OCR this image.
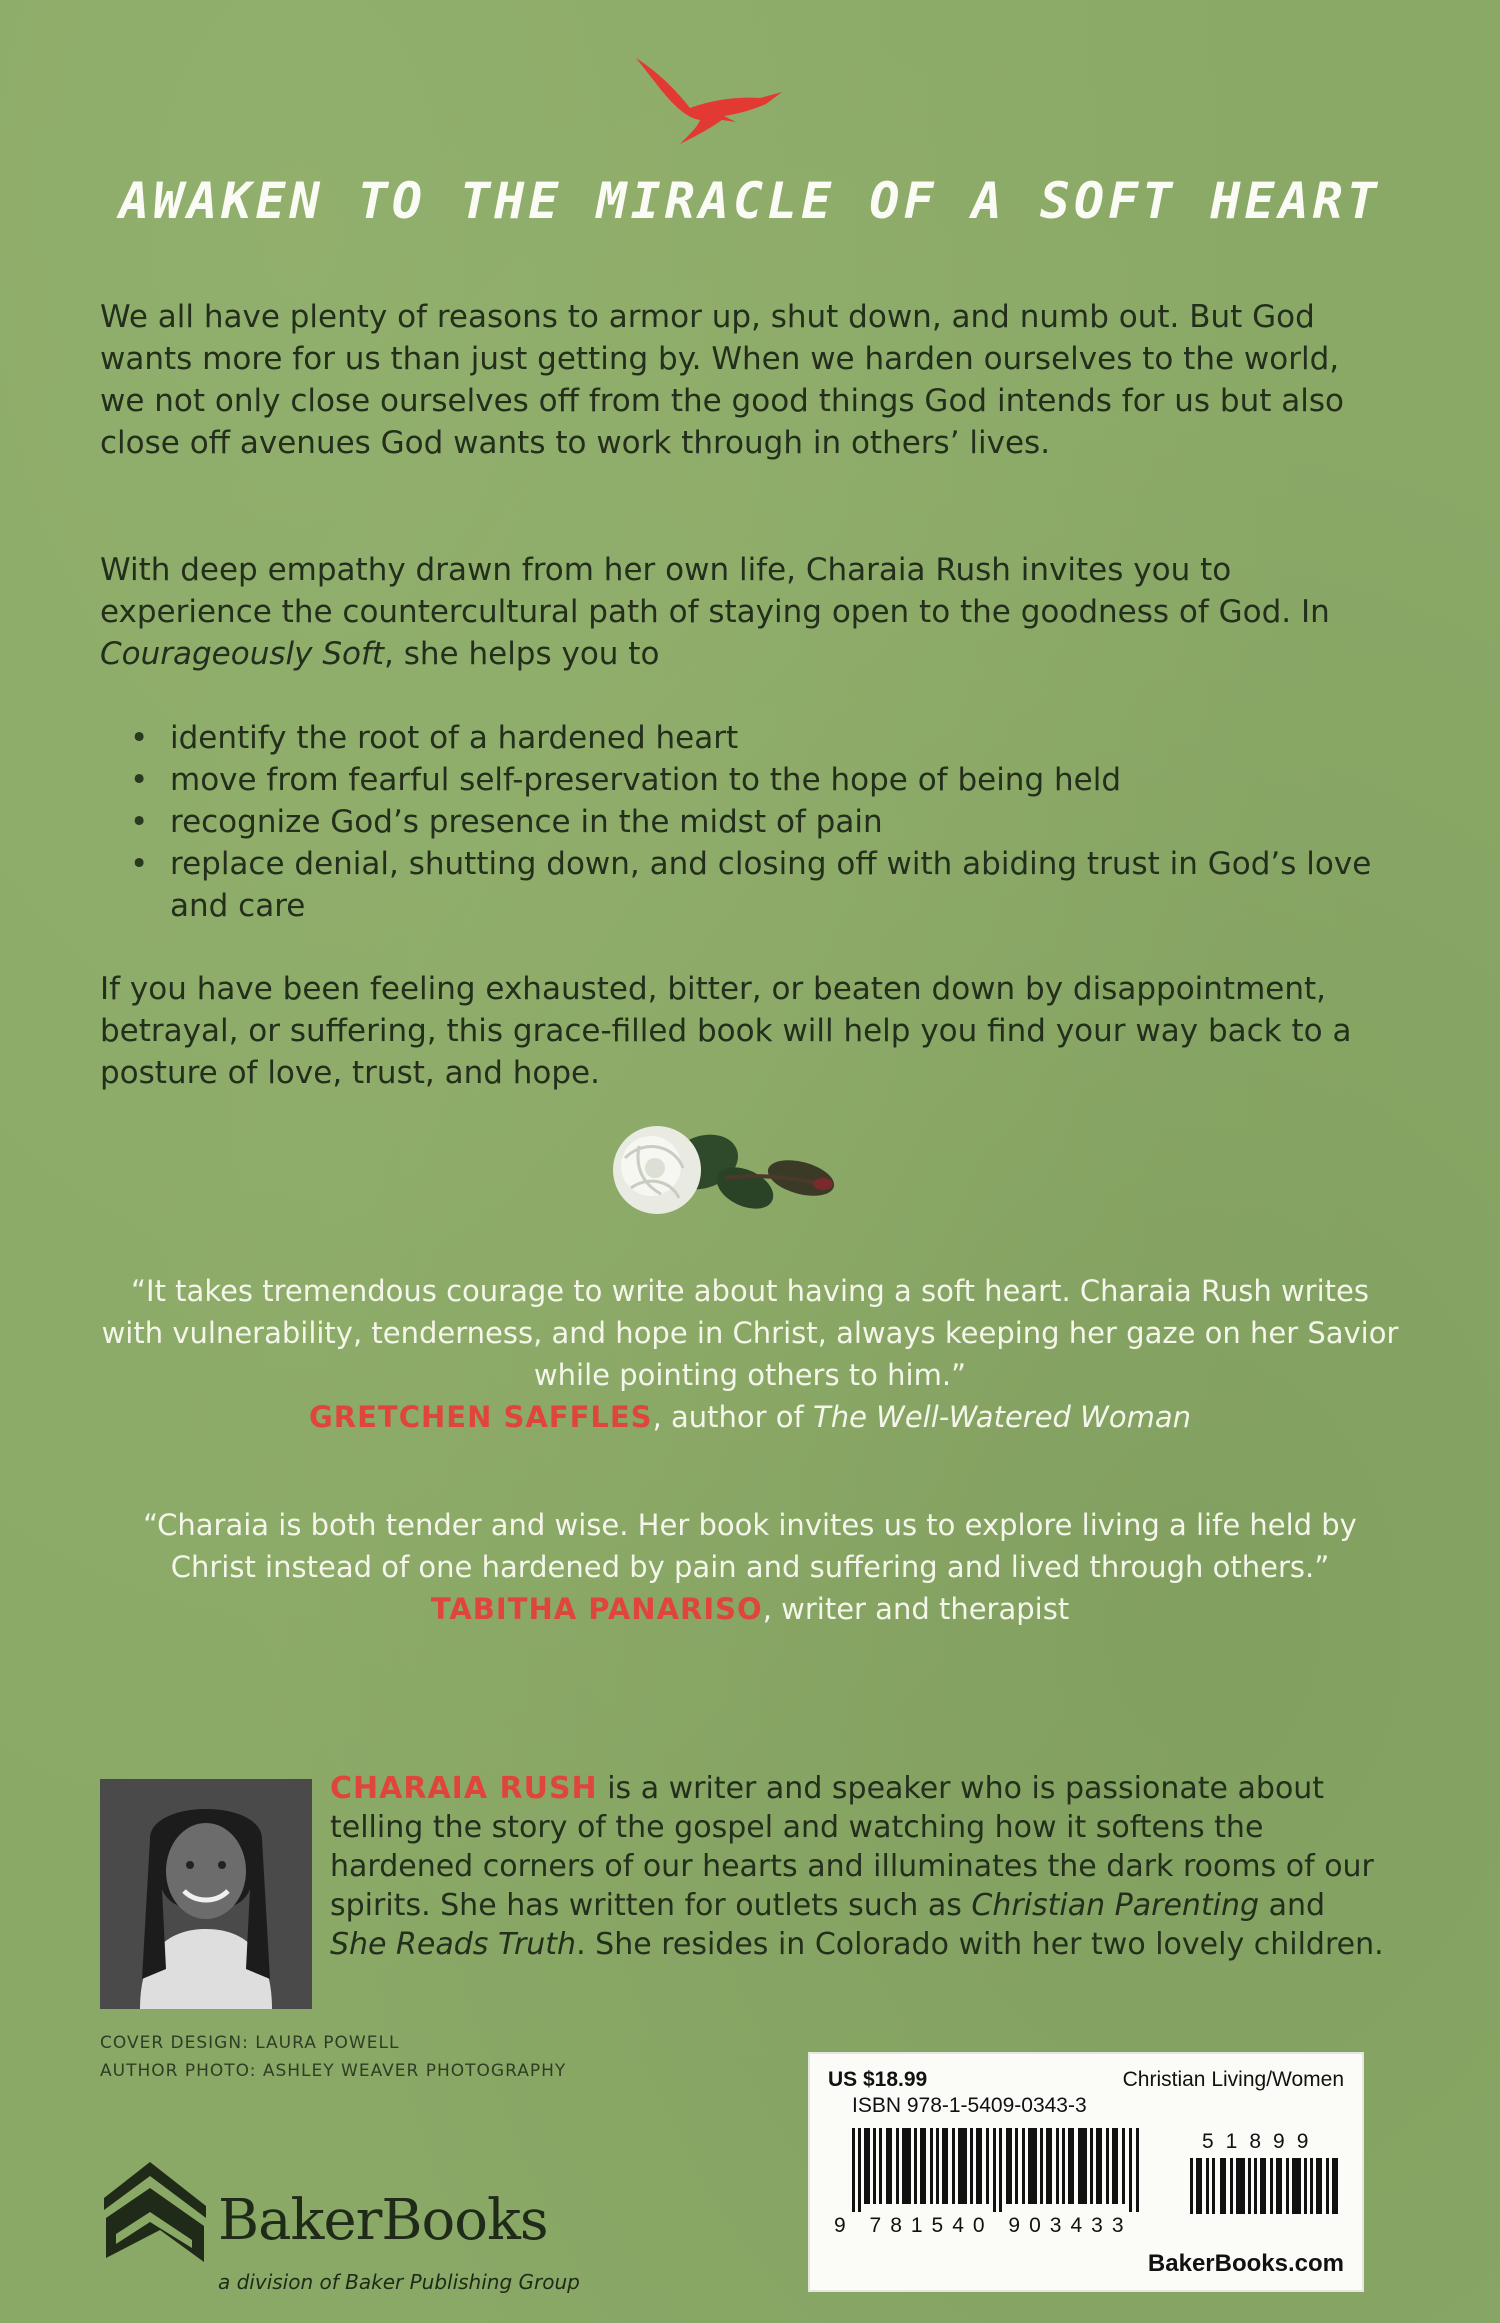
AWAKEN TO THE MIRACLE OF A SOFT HEART

We all have plenty of reasons to armor up, shut down, and numb out. But God wants more for us than just getting by. When we harden ourselves to the world, we not only close ourselves off from the good things God intends for us but also close off avenues God wants to work through in others’ lives.

With deep empathy drawn from her own life, Charaia Rush invites you to experience the countercultural path of staying open to the goodness of God. In Courageously Soft, she helps you to

• identify the root of a hardened heart
• move from fearful self-preservation to the hope of being held
• recognize God’s presence in the midst of pain
• replace denial, shutting down, and closing off with abiding trust in God’s love and care

If you have been feeling exhausted, bitter, or beaten down by disappointment, betrayal, or suffering, this grace-filled book will help you find your way back to a posture of love, trust, and hope.

“It takes tremendous courage to write about having a soft heart. Charaia Rush writes with vulnerability, tenderness, and hope in Christ, always keeping her gaze on her Savior while pointing others to him.”
GRETCHEN SAFFLES, author of The Well-Watered Woman
“Charaia is both tender and wise. Her book invites us to explore living a life held by Christ instead of one hardened by pain and suffering and lived through others.”
TABITHA PANARISO, writer and therapist

CHARAIA RUSH is a writer and speaker who is passionate about telling the story of the gospel and watching how it softens the hardened corners of our hearts and illuminates the dark rooms of our spirits. She has written for outlets such as Christian Parenting and She Reads Truth. She resides in Colorado with her two lovely children.

COVER DESIGN: LAURA POWELL
AUTHOR PHOTO: ASHLEY WEAVER PHOTOGRAPHY
BakerBooks
a division of Baker Publishing Group
US $18.99	Christian Living/Women
ISBN 978-1-5409-0343-3
51899
9 781540 903433
BakerBooks.com
